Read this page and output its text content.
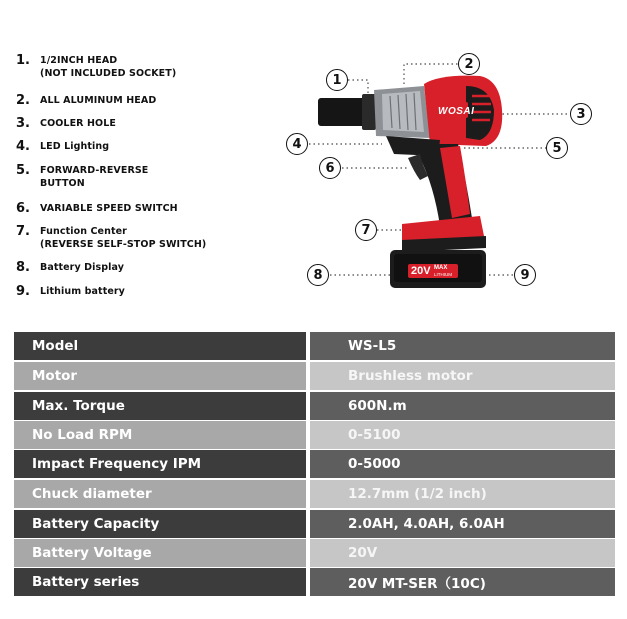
1.	1/2INCH HEAD
(NOT INCLUDED SOCKET)
2.	ALL ALUMINUM HEAD
3.	COOLER HOLE
4.	LED Lighting
5.	FORWARD-REVERSE
BUTTON
6.	VARIABLE SPEED SWITCH
7.	Function Center
(REVERSE SELF-STOP SWITCH)
8.	Battery Display
9.	Lithium battery
WOSAI
20V MAX
LITHIUM
1
2
3
4	5
6
7
8	9
Model	WS-L5
Motor	Brushless motor
Max. Torque	600N.m
No Load RPM	0-5100
Impact Frequency IPM	0-5000
Chuck diameter	12.7mm (1/2 inch)
Battery Capacity	2.0AH, 4.0AH, 6.0AH
Battery Voltage	20V
Battery series	20V MT-SER（10C)
